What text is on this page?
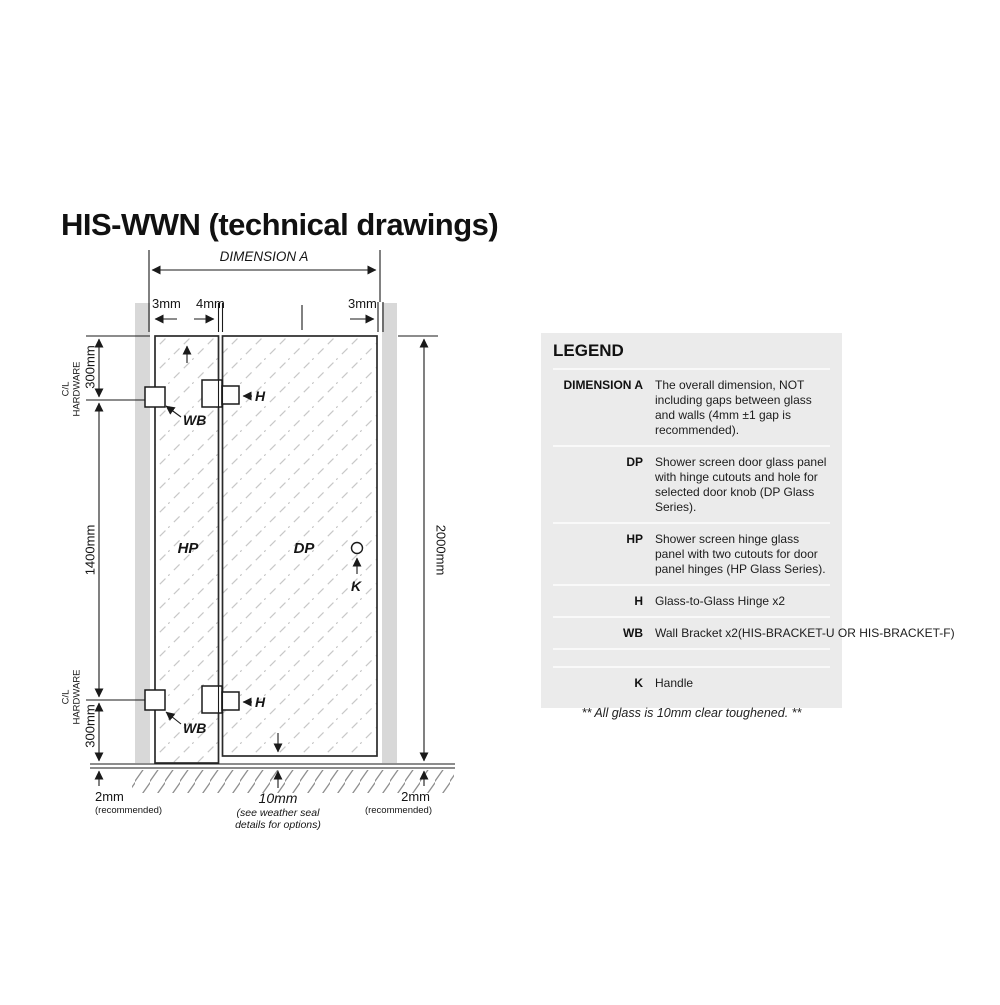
HIS-WWN (technical drawings)
DIMENSION A
3mm 4mm	3mm
HP	DP
300mm
C/L HARDWARE
1400mm
C/L HARDWARE
300mm
2000mm
WB
WB
H
H
K
2mm
(recommended)
10mm
(see weather seal
details for options)
2mm
(recommended)
LEGEND
DIMENSION A The overall dimension, NOT including gaps between glass and walls (4mm ±1 gap is recommended).
DP Shower screen door glass panel with hinge cutouts and hole for selected door knob (DP Glass Series).
HP Shower screen hinge glass panel with two cutouts for door panel hinges (HP Glass Series).
H Glass-to-Glass Hinge x2
WB Wall Bracket x2(HIS-BRACKET-U OR HIS-BRACKET-F)
K Handle
** All glass is 10mm clear toughened. **
